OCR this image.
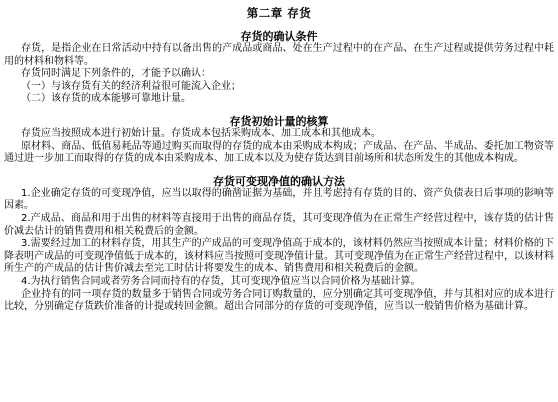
第二章 存货
存货的确认条件

存货，是指企业在日常活动中持有以备出售的产成品或商品、处在生产过程中的在产品、在生产过程或提供劳务过程中耗用的材料和物料等。

存货同时满足下列条件的，才能予以确认：

（一）与该存货有关的经济利益很可能流入企业；

（二）该存货的成本能够可靠地计量。

存货初始计量的核算

存货应当按照成本进行初始计量。存货成本包括采购成本、加工成本和其他成本。

原材料、商品、低值易耗品等通过购买而取得的存货的成本由采购成本构成；产成品、在产品、半成品、委托加工物资等通过进一步加工而取得的存货的成本由采购成本、加工成本以及为使存货达到目前场所和状态所发生的其他成本构成。

存货可变现净值的确认方法

1.企业确定存货的可变现净值，应当以取得的确凿证据为基础，并且考虑持有存货的目的、资产负债表日后事项的影响等因素。

2.产成品、商品和用于出售的材料等直接用于出售的商品存货，其可变现净值为在正常生产经营过程中，该存货的估计售价减去估计的销售费用和相关税费后的金额。

3.需要经过加工的材料存货，用其生产的产成品的可变现净值高于成本的，该材料仍然应当按照成本计量；材料价格的下降表明产成品的可变现净值低于成本的，该材料应当按照可变现净值计量。其可变现净值为在正常生产经营过程中，以该材料所生产的产成品的估计售价减去至完工时估计将要发生的成本、销售费用和相关税费后的金额。

4.为执行销售合同或者劳务合同而持有的存货，其可变现净值应当以合同价格为基础计算。

企业持有的同一项存货的数量多于销售合同或劳务合同订购数量的，应分别确定其可变现净值，并与其相对应的成本进行比较，分别确定存货跌价准备的计提或转回金额。超出合同部分的存货的可变现净值，应当以一般销售价格为基础计算。
